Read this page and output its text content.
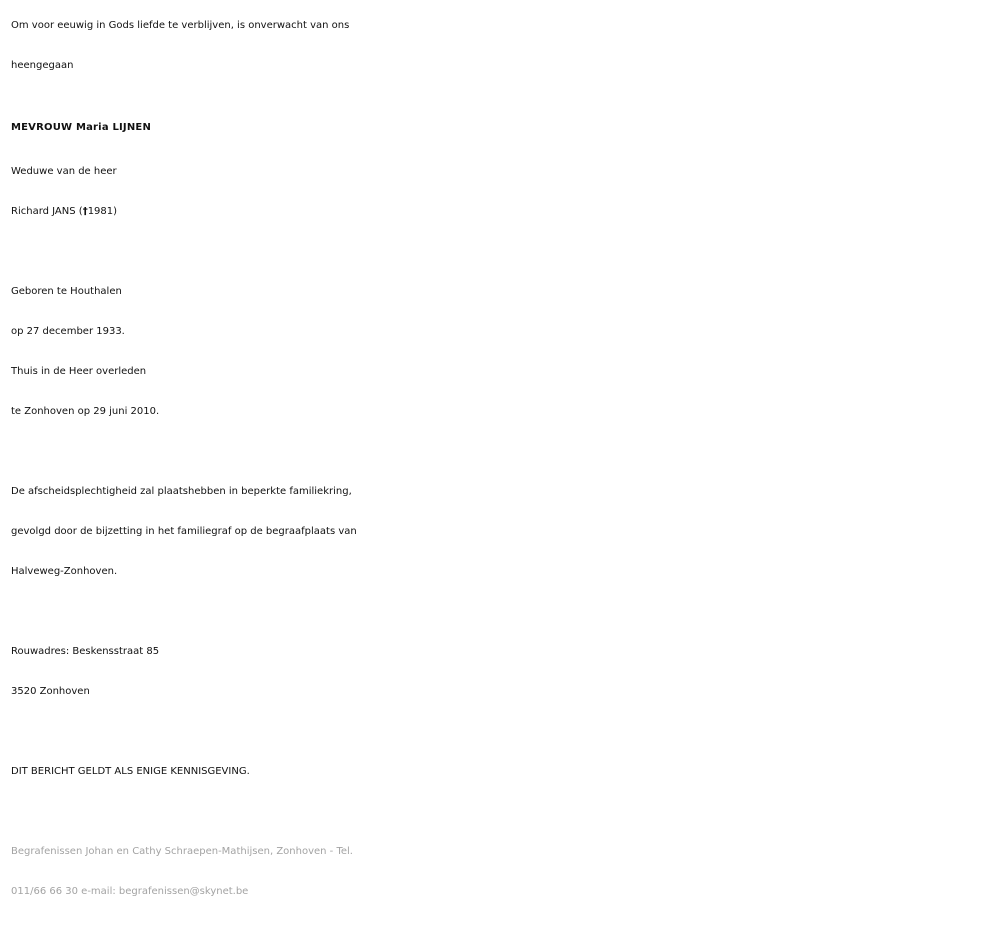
Om voor eeuwig in Gods liefde te verblijven, is onverwacht van ons
heengegaan
MEVROUW Maria LIJNEN
Weduwe van de heer
Richard JANS (†1981)
Geboren te Houthalen
op 27 december 1933.
Thuis in de Heer overleden
te Zonhoven op 29 juni 2010.
De afscheidsplechtigheid zal plaatshebben in beperkte familiekring,
gevolgd door de bijzetting in het familiegraf op de begraafplaats van
Halveweg-Zonhoven.
Rouwadres: Beskensstraat 85
3520 Zonhoven
DIT BERICHT GELDT ALS ENIGE KENNISGEVING.
Begrafenissen Johan en Cathy Schraepen-Mathijsen, Zonhoven - Tel.
011/66 66 30 e-mail: begrafenissen@skynet.be
